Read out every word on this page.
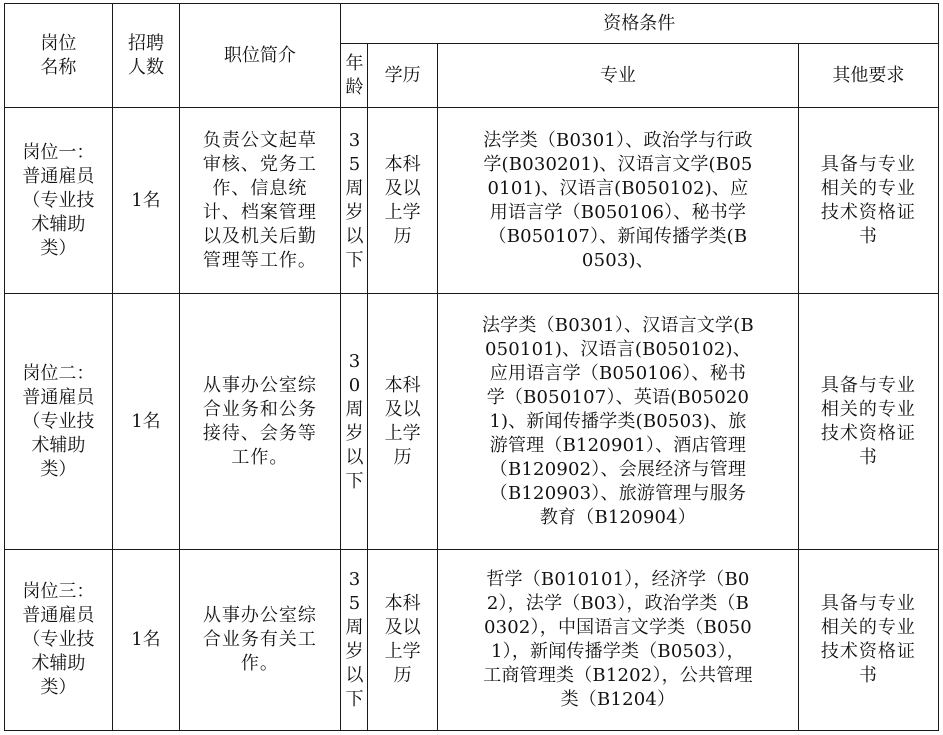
岗位名称	招聘人数	职位简介	资格条件			
			年龄	学历	专业	其他要求
岗位一：普通雇员（专业技术辅助类）	1名	负责公文起草审核、党务工作、信息统计、档案管理以及机关后勤管理等工作。	35周岁以下	本科及以上学历	法学类（B0301）、政治学与行政学(B030201)、汉语言文学(B050101)、汉语言(B050102)、应用语言学（B050106）、秘书学（B050107）、新闻传播学类(B0503)、	具备与专业相关的专业技术资格证书
岗位二：普通雇员（专业技术辅助类）	1名	从事办公室综合业务和公务接待、会务等工作。	30周岁以下	本科及以上学历	法学类（B0301）、汉语言文学(B050101)、汉语言(B050102)、应用语言学（B050106）、秘书学（B050107）、英语(B050201)、新闻传播学类(B0503)、旅游管理（B120901）、酒店管理（B120902）、会展经济与管理（B120903）、旅游管理与服务教育（B120904）	具备与专业相关的专业技术资格证书
岗位三：普通雇员（专业技术辅助类）	1名	从事办公室综合业务有关工作。	35周岁以下	本科及以上学历	哲学（B010101），经济学（B02），法学（B03），政治学类（B0302），中国语言文学类（B0501），新闻传播学类（B0503），工商管理类（B1202），公共管理类（B1204）	具备与专业相关的专业技术资格证书
